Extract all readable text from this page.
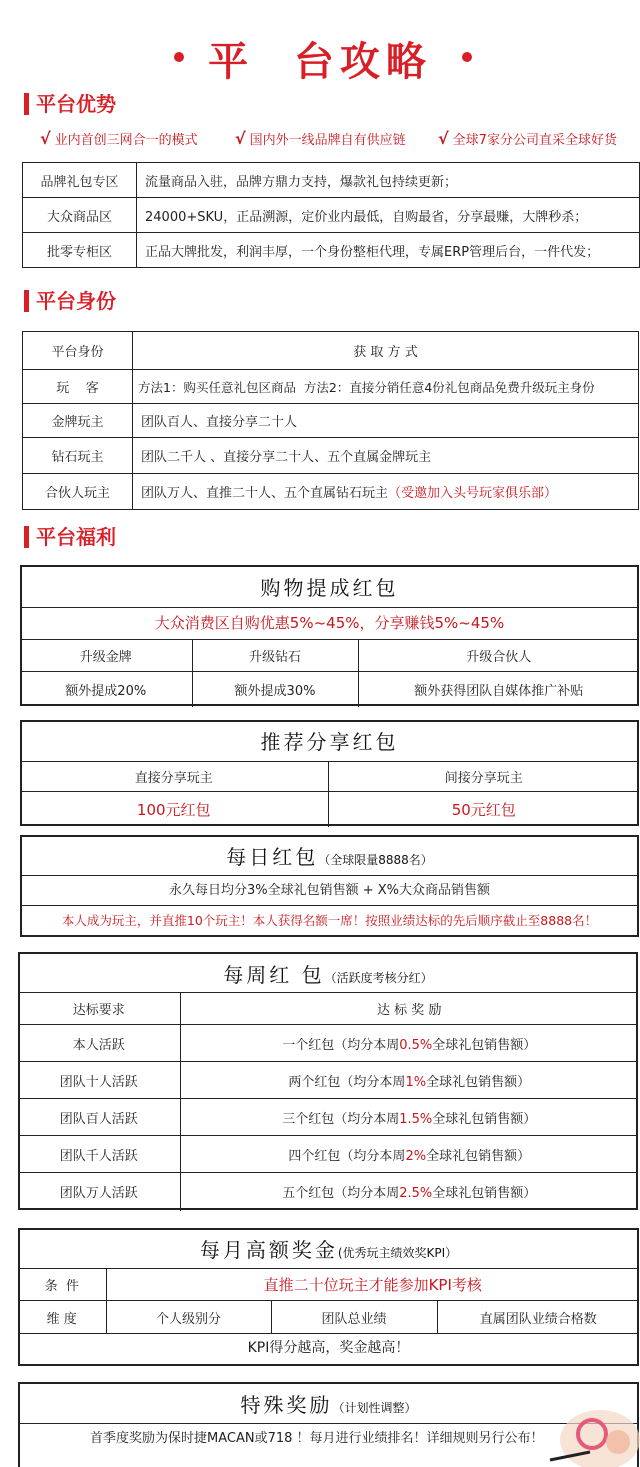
平  台攻略
平台优势
√ 业内首创三网合一的模式 √ 国内外一线品牌自有供应链 √ 全球7家分公司直采全球好货
品牌礼包专区	流量商品入驻，品牌方鼎力支持，爆款礼包持续更新；
大众商品区	24000+SKU，正品溯源，定价业内最低，自购最省，分享最赚，大牌秒杀；
批零专柜区	正品大牌批发，利润丰厚，一个身份整柜代理，专属ERP管理后台，一件代发；
平台身份
平台身份	获 取 方 式
玩    客	方法1：购买任意礼包区商品  方法2：直接分销任意4份礼包商品免费升级玩主身份
金牌玩主	团队百人、直接分享二十人
钻石玩主	团队二千人 、直接分享二十人、五个直属金牌玩主
合伙人玩主	团队万人、直推二十人、五个直属钻石玩主（受邀加入头号玩家俱乐部）
平台福利
购物提成红包
大众消费区自购优惠5%~45%，分享赚钱5%~45%
升级金牌	升级钻石	升级合伙人
额外提成20%	额外提成30%	额外获得团队自媒体推广补贴
推荐分享红包
直接分享玩主	间接分享玩主
100元红包	50元红包
每日红包（全球限量8888名）
永久每日均分3%全球礼包销售额 + X%大众商品销售额
本人成为玩主，并直推10个玩主！本人获得名额一席！按照业绩达标的先后顺序截止至8888名！
每周红 包（活跃度考核分红）
达标要求	达 标 奖 励
本人活跃	一个红包（均分本周0.5%全球礼包销售额）
团队十人活跃	两个红包（均分本周1%全球礼包销售额）
团队百人活跃	三个红包（均分本周1.5%全球礼包销售额）
团队千人活跃	四个红包（均分本周2%全球礼包销售额）
团队万人活跃	五个红包（均分本周2.5%全球礼包销售额）
每月高额奖金(优秀玩主绩效奖KPI）
条  件	直推二十位玩主才能参加KPI考核		
维 度	个人级别分	团队总业绩	直属团队业绩合格数
KPI得分越高，奖金越高！
特殊奖励（计划性调整）
首季度奖励为保时捷MACAN或718 ！每月进行业绩排名！详细规则另行公布！
